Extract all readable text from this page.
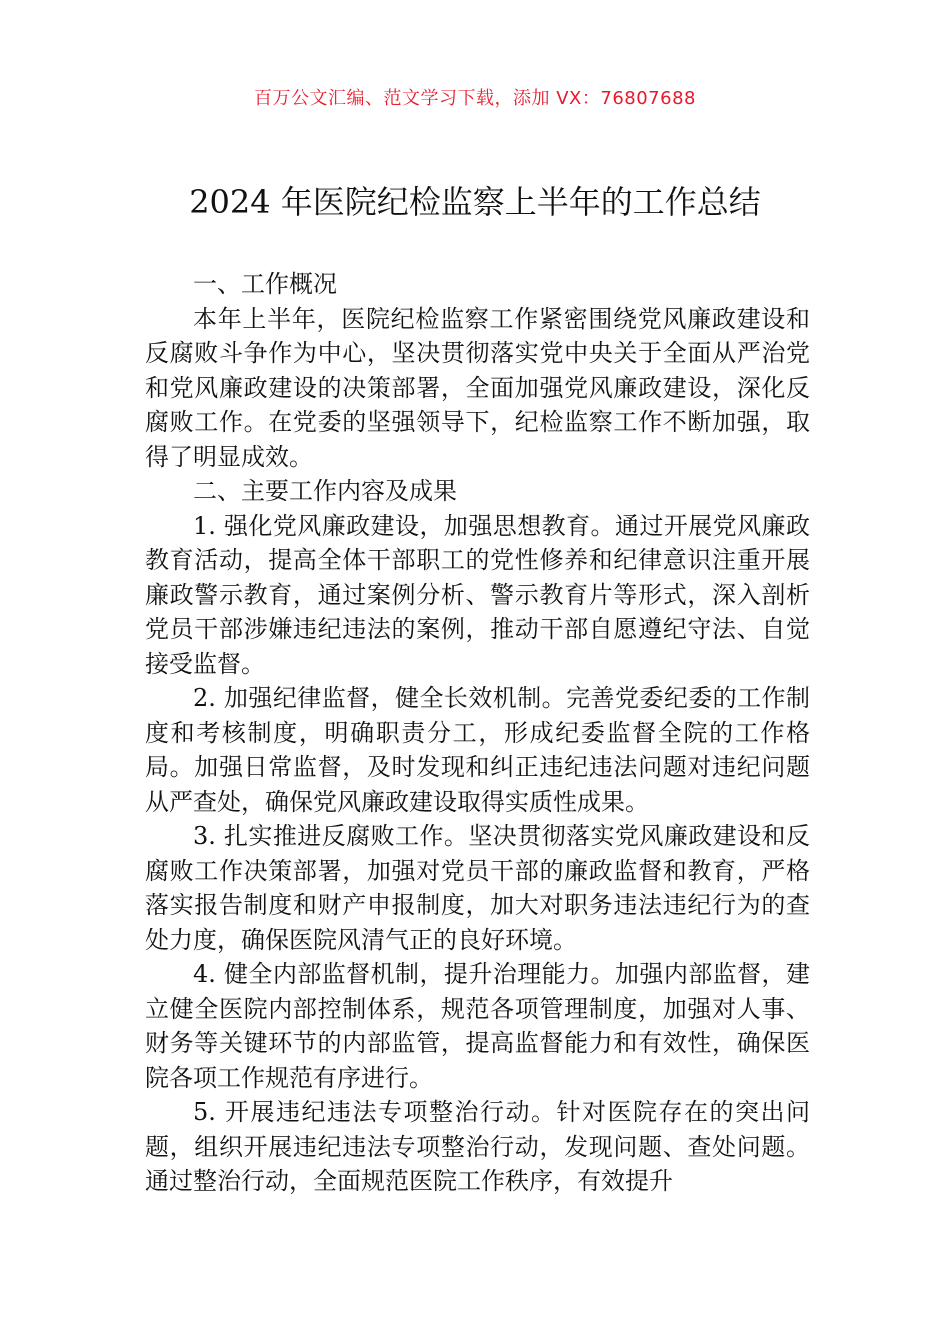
百万公文汇编、范文学习下载，添加 VX：76807688
2024 年医院纪检监察上半年的工作总结

一、工作概况

本年上半年，医院纪检监察工作紧密围绕党风廉政建设和反腐败斗争作为中心，坚决贯彻落实党中央关于全面从严治党和党风廉政建设的决策部署，全面加强党风廉政建设，深化反腐败工作。在党委的坚强领导下，纪检监察工作不断加强，取得了明显成效。

二、主要工作内容及成果

1. 强化党风廉政建设，加强思想教育。通过开展党风廉政教育活动，提高全体干部职工的党性修养和纪律意识注重开展廉政警示教育，通过案例分析、警示教育片等形式，深入剖析党员干部涉嫌违纪违法的案例，推动干部自愿遵纪守法、自觉接受监督。

2. 加强纪律监督，健全长效机制。完善党委纪委的工作制度和考核制度，明确职责分工，形成纪委监督全院的工作格局。加强日常监督，及时发现和纠正违纪违法问题对违纪问题从严查处，确保党风廉政建设取得实质性成果。

3. 扎实推进反腐败工作。坚决贯彻落实党风廉政建设和反腐败工作决策部署，加强对党员干部的廉政监督和教育，严格落实报告制度和财产申报制度，加大对职务违法违纪行为的查处力度，确保医院风清气正的良好环境。

4. 健全内部监督机制，提升治理能力。加强内部监督，建立健全医院内部控制体系，规范各项管理制度，加强对人事、财务等关键环节的内部监管，提高监督能力和有效性，确保医院各项工作规范有序进行。

5. 开展违纪违法专项整治行动。针对医院存在的突出问题，组织开展违纪违法专项整治行动，发现问题、查处问题。通过整治行动，全面规范医院工作秩序，有效提升
